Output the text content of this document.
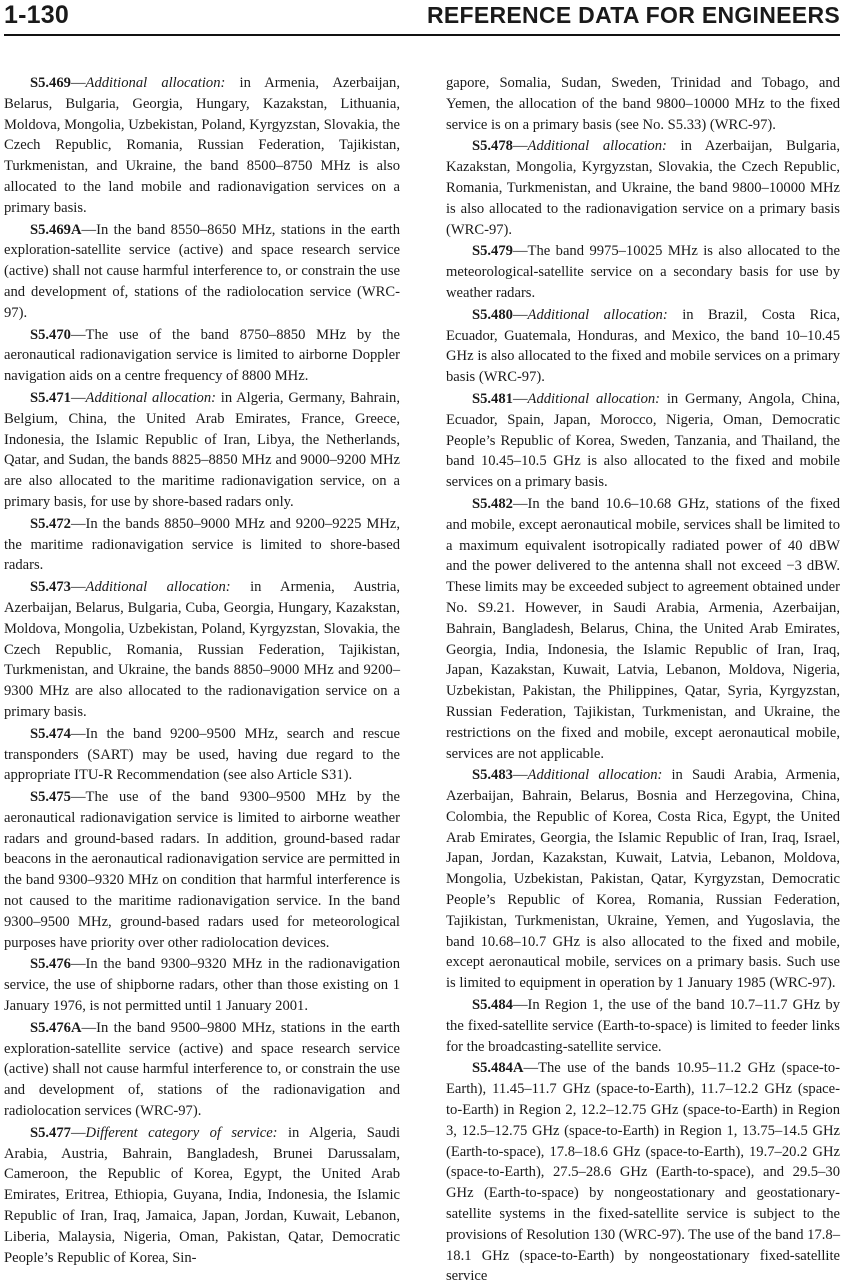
1-130	REFERENCE DATA FOR ENGINEERS

S5.469—Additional allocation: in Armenia, Azerbaijan, Belarus, Bulgaria, Georgia, Hungary, Kazakstan, Lithuania, Moldova, Mongolia, Uzbekistan, Poland, Kyrgyzstan, Slovakia, the Czech Republic, Romania, Russian Federation, Tajikistan, Turkmenistan, and Ukraine, the band 8500–8750 MHz is also allocated to the land mobile and radionavigation services on a primary basis.

S5.469A—In the band 8550–8650 MHz, stations in the earth exploration-satellite service (active) and space research service (active) shall not cause harmful interference to, or constrain the use and development of, stations of the radiolocation service (WRC-97).

S5.470—The use of the band 8750–8850 MHz by the aeronautical radionavigation service is limited to airborne Doppler navigation aids on a centre frequency of 8800 MHz.

S5.471—Additional allocation: in Algeria, Germany, Bahrain, Belgium, China, the United Arab Emirates, France, Greece, Indonesia, the Islamic Republic of Iran, Libya, the Netherlands, Qatar, and Sudan, the bands 8825–8850 MHz and 9000–9200 MHz are also allocated to the maritime radionavigation service, on a primary basis, for use by shore-based radars only.

S5.472—In the bands 8850–9000 MHz and 9200–9225 MHz, the maritime radionavigation service is limited to shore-based radars.

S5.473—Additional allocation: in Armenia, Austria, Azerbaijan, Belarus, Bulgaria, Cuba, Georgia, Hungary, Kazakstan, Moldova, Mongolia, Uzbekistan, Poland, Kyrgyzstan, Slovakia, the Czech Republic, Romania, Russian Federation, Tajikistan, Turkmenistan, and Ukraine, the bands 8850–9000 MHz and 9200–9300 MHz are also allocated to the radionavigation service on a primary basis.

S5.474—In the band 9200–9500 MHz, search and rescue transponders (SART) may be used, having due regard to the appropriate ITU-R Recommendation (see also Article S31).

S5.475—The use of the band 9300–9500 MHz by the aeronautical radionavigation service is limited to airborne weather radars and ground-based radars. In addition, ground-based radar beacons in the aeronautical radionavigation service are permitted in the band 9300–9320 MHz on condition that harmful interference is not caused to the maritime radionavigation service. In the band 9300–9500 MHz, ground-based radars used for meteorological purposes have priority over other radiolocation devices.

S5.476—In the band 9300–9320 MHz in the radionavigation service, the use of shipborne radars, other than those existing on 1 January 1976, is not permitted until 1 January 2001.

S5.476A—In the band 9500–9800 MHz, stations in the earth exploration-satellite service (active) and space research service (active) shall not cause harmful interference to, or constrain the use and development of, stations of the radionavigation and radiolocation services (WRC-97).

S5.477—Different category of service: in Algeria, Saudi Arabia, Austria, Bahrain, Bangladesh, Brunei Darussalam, Cameroon, the Republic of Korea, Egypt, the United Arab Emirates, Eritrea, Ethiopia, Guyana, India, Indonesia, the Islamic Republic of Iran, Iraq, Jamaica, Japan, Jordan, Kuwait, Lebanon, Liberia, Malaysia, Nigeria, Oman, Pakistan, Qatar, Democratic People’s Republic of Korea, Sin-

gapore, Somalia, Sudan, Sweden, Trinidad and Tobago, and Yemen, the allocation of the band 9800–10000 MHz to the fixed service is on a primary basis (see No. S5.33) (WRC-97).

S5.478—Additional allocation: in Azerbaijan, Bulgaria, Kazakstan, Mongolia, Kyrgyzstan, Slovakia, the Czech Republic, Romania, Turkmenistan, and Ukraine, the band 9800–10000 MHz is also allocated to the radionavigation service on a primary basis (WRC-97).

S5.479—The band 9975–10025 MHz is also allocated to the meteorological-satellite service on a secondary basis for use by weather radars.

S5.480—Additional allocation: in Brazil, Costa Rica, Ecuador, Guatemala, Honduras, and Mexico, the band 10–10.45 GHz is also allocated to the fixed and mobile services on a primary basis (WRC-97).

S5.481—Additional allocation: in Germany, Angola, China, Ecuador, Spain, Japan, Morocco, Nigeria, Oman, Democratic People’s Republic of Korea, Sweden, Tanzania, and Thailand, the band 10.45–10.5 GHz is also allocated to the fixed and mobile services on a primary basis.

S5.482—In the band 10.6–10.68 GHz, stations of the fixed and mobile, except aeronautical mobile, services shall be limited to a maximum equivalent isotropically radiated power of 40 dBW and the power delivered to the antenna shall not exceed −3 dBW. These limits may be exceeded subject to agreement obtained under No. S9.21. However, in Saudi Arabia, Armenia, Azerbaijan, Bahrain, Bangladesh, Belarus, China, the United Arab Emirates, Georgia, India, Indonesia, the Islamic Republic of Iran, Iraq, Japan, Kazakstan, Kuwait, Latvia, Lebanon, Moldova, Nigeria, Uzbekistan, Pakistan, the Philippines, Qatar, Syria, Kyrgyzstan, Russian Federation, Tajikistan, Turkmenistan, and Ukraine, the restrictions on the fixed and mobile, except aeronautical mobile, services are not applicable.

S5.483—Additional allocation: in Saudi Arabia, Armenia, Azerbaijan, Bahrain, Belarus, Bosnia and Herzegovina, China, Colombia, the Republic of Korea, Costa Rica, Egypt, the United Arab Emirates, Georgia, the Islamic Republic of Iran, Iraq, Israel, Japan, Jordan, Kazakstan, Kuwait, Latvia, Lebanon, Moldova, Mongolia, Uzbekistan, Pakistan, Qatar, Kyrgyzstan, Democratic People’s Republic of Korea, Romania, Russian Federation, Tajikistan, Turkmenistan, Ukraine, Yemen, and Yugoslavia, the band 10.68–10.7 GHz is also allocated to the fixed and mobile, except aeronautical mobile, services on a primary basis. Such use is limited to equipment in operation by 1 January 1985 (WRC-97).

S5.484—In Region 1, the use of the band 10.7–11.7 GHz by the fixed-satellite service (Earth-to-space) is limited to feeder links for the broadcasting-satellite service.

S5.484A—The use of the bands 10.95–11.2 GHz (space-to-Earth), 11.45–11.7 GHz (space-to-Earth), 11.7–12.2 GHz (space-to-Earth) in Region 2, 12.2–12.75 GHz (space-to-Earth) in Region 3, 12.5–12.75 GHz (space-to-Earth) in Region 1, 13.75–14.5 GHz (Earth-to-space), 17.8–18.6 GHz (space-to-Earth), 19.7–20.2 GHz (space-to-Earth), 27.5–28.6 GHz (Earth-to-space), and 29.5–30 GHz (Earth-to-space) by nongeostationary and geostationary-satellite systems in the fixed-satellite service is subject to the provisions of Resolution 130 (WRC-97). The use of the band 17.8–18.1 GHz (space-to-Earth) by nongeostationary fixed-satellite service
